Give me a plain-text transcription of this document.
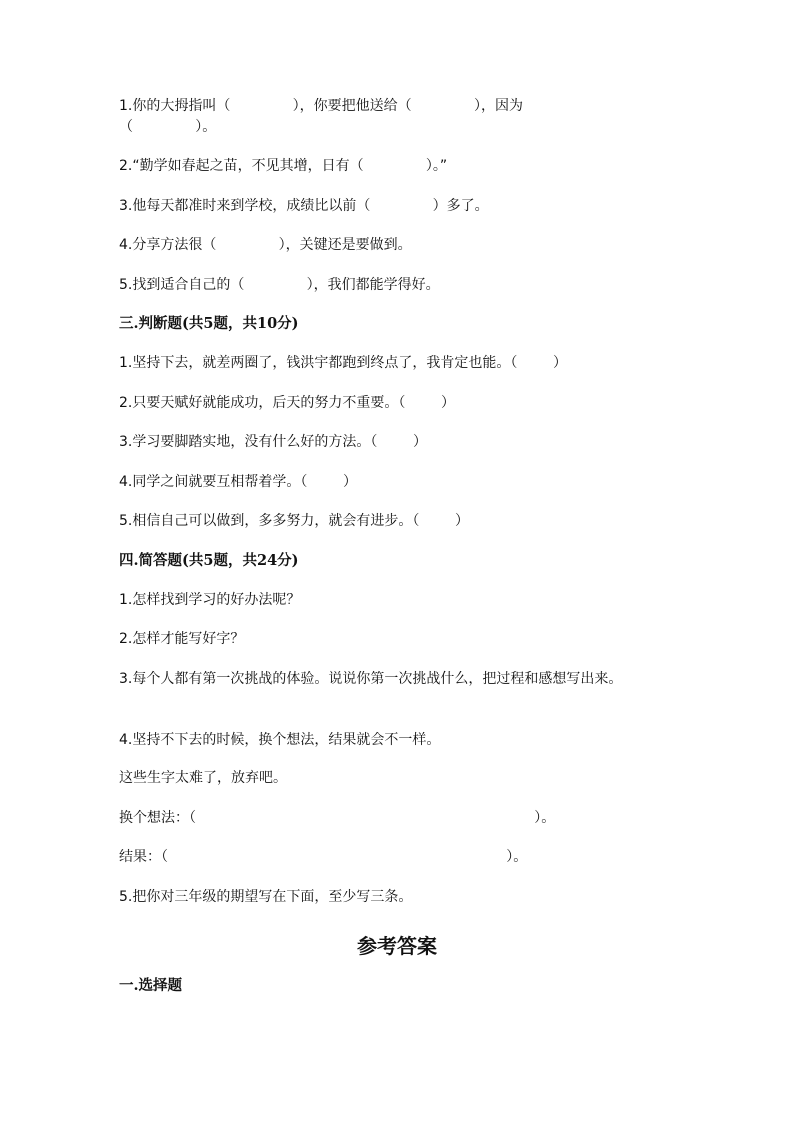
1.你的大拇指叫（              ），你要把他送给（              ），因为
（              ）。
2.“勤学如春起之苗，不见其增，日有（              ）。”
3.他每天都准时来到学校，成绩比以前（              ）多了。
4.分享方法很（              ），关键还是要做到。
5.找到适合自己的（              ），我们都能学得好。
三.判断题(共5题，共10分)
1.坚持下去，就差两圈了，钱洪宇都跑到终点了，我肯定也能。（        ）
2.只要天赋好就能成功，后天的努力不重要。（        ）
3.学习要脚踏实地，没有什么好的方法。（        ）
4.同学之间就要互相帮着学。（        ）
5.相信自己可以做到，多多努力，就会有进步。（        ）
四.简答题(共5题，共24分)
1.怎样找到学习的好办法呢？
2.怎样才能写好字？
3.每个人都有第一次挑战的体验。说说你第一次挑战什么，把过程和感想写出来。
4.坚持不下去的时候，换个想法，结果就会不一样。
这些生字太难了，放弃吧。
换个想法：（                                                                            ）。
结果：（                                                                            ）。
5.把你对三年级的期望写在下面，至少写三条。
参考答案
一.选择题
